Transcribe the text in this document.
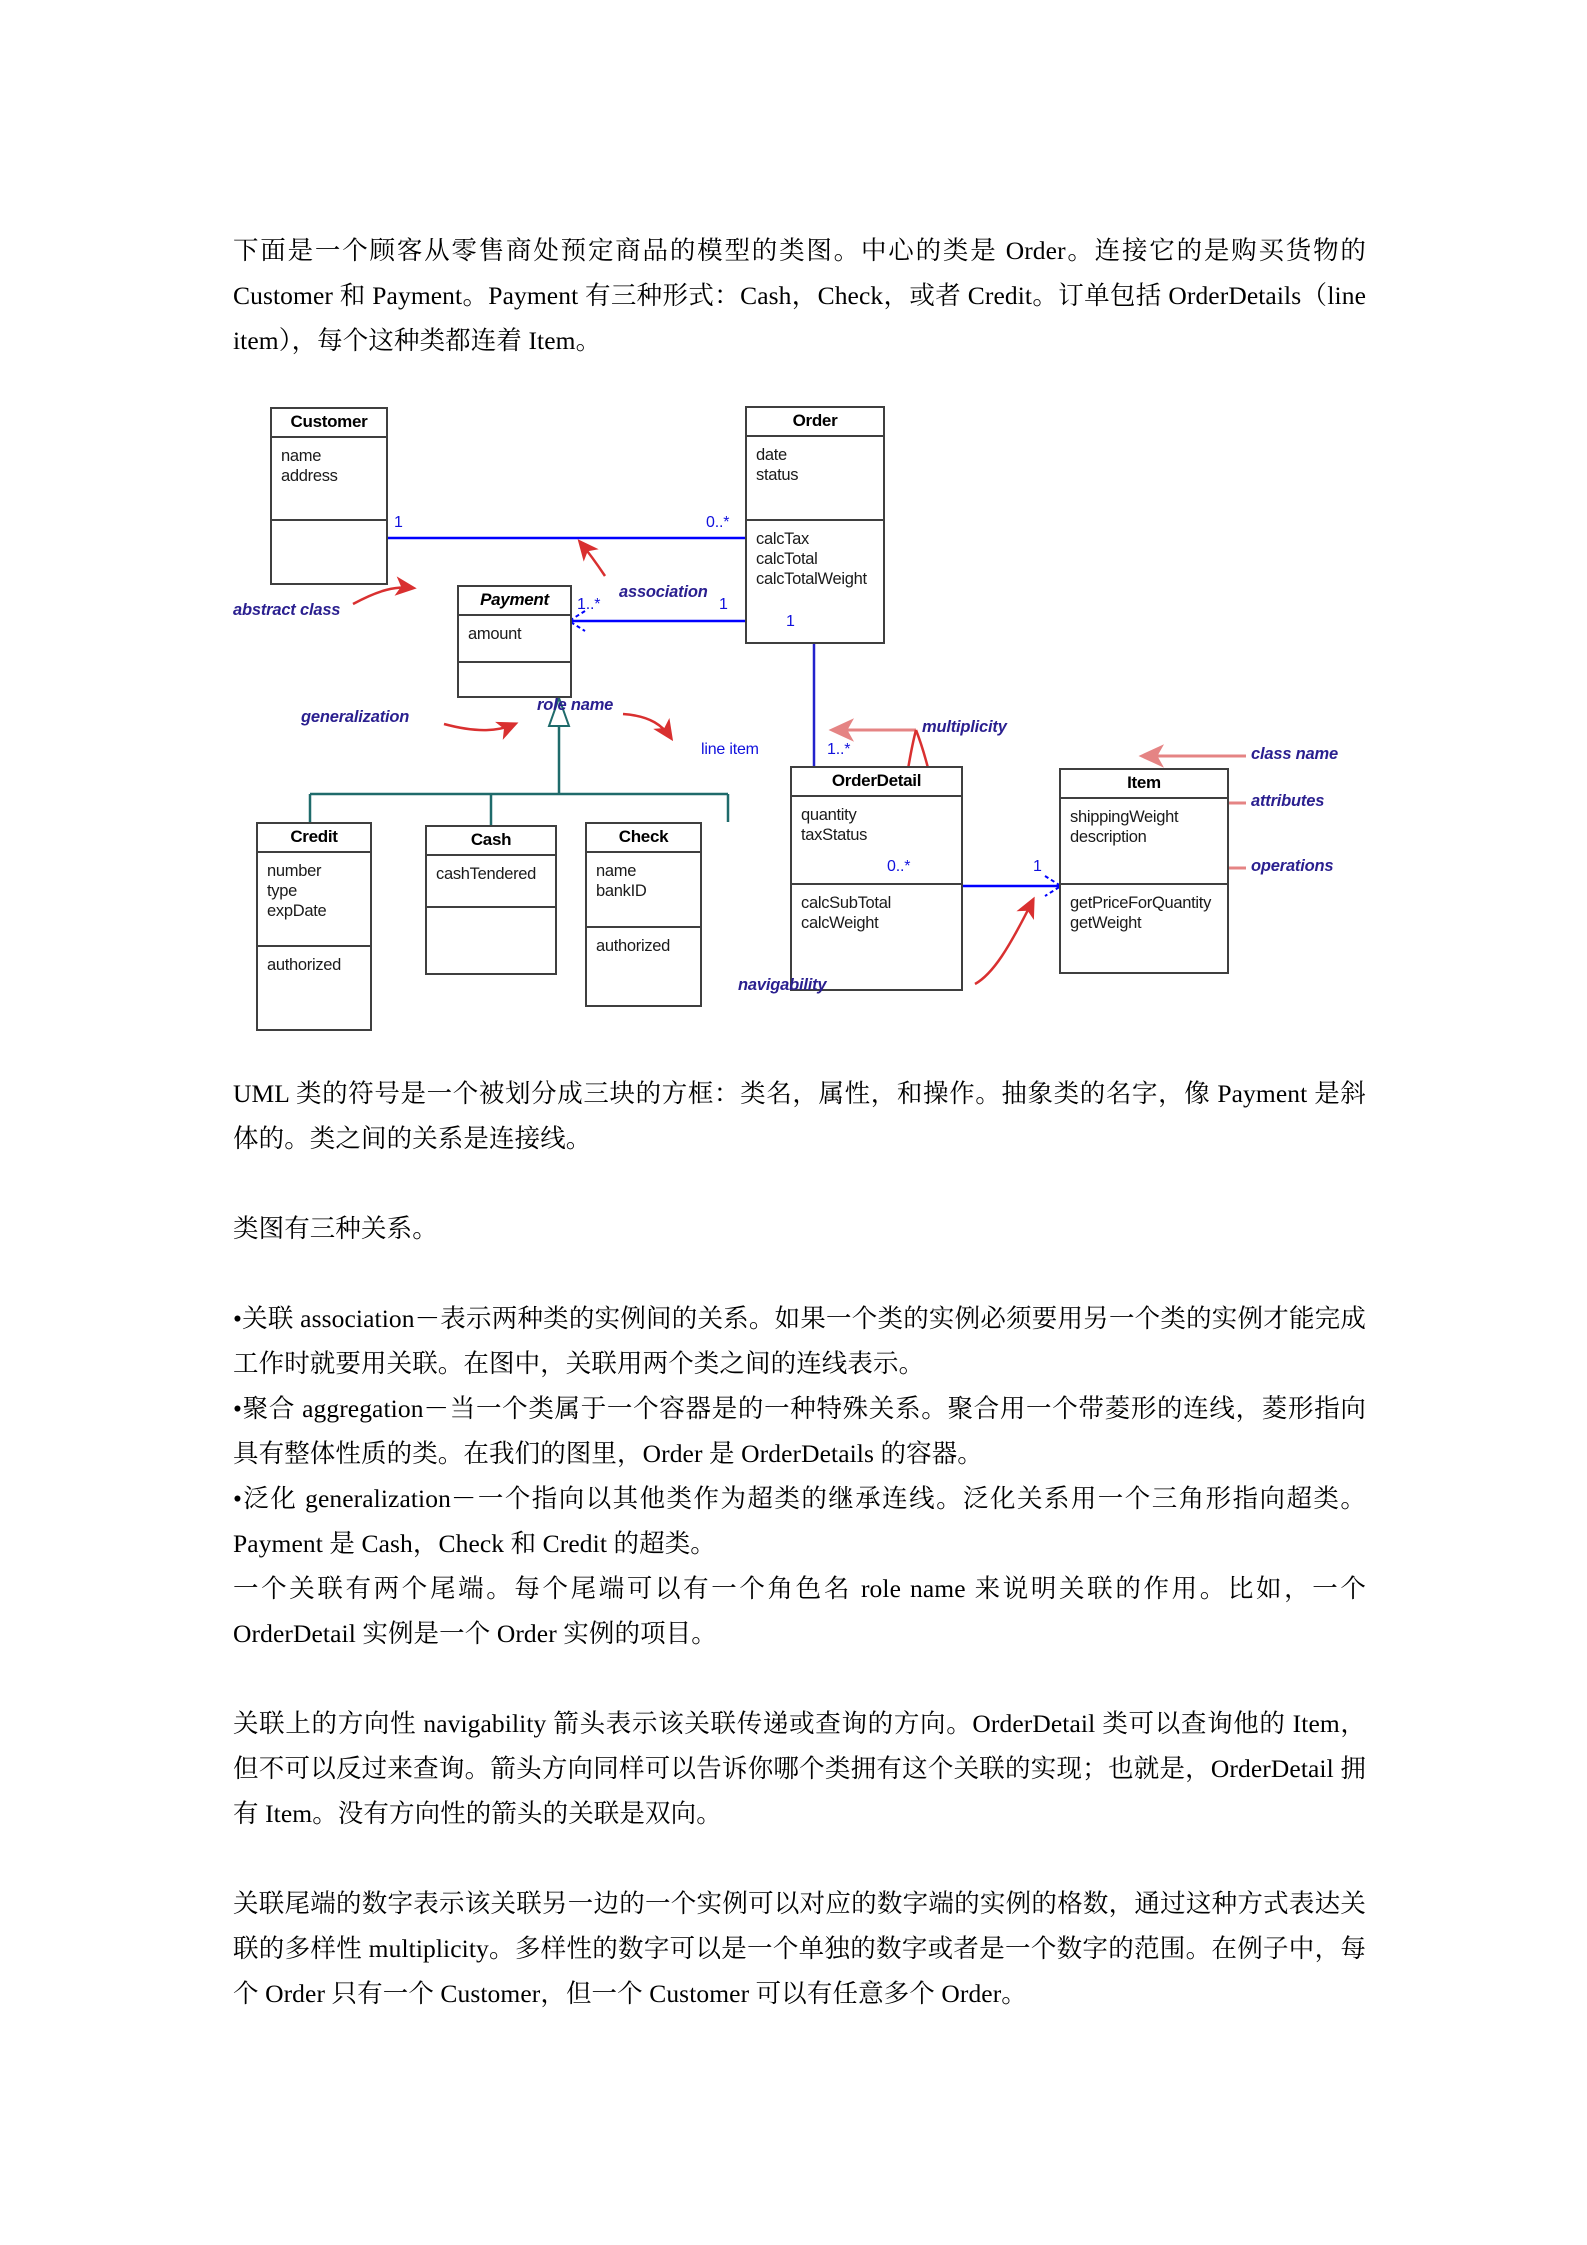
下面是一个顾客从零售商处预定商品的模型的类图。中心的类是 Order。连接它的是购买货物的 Customer 和 Payment。Payment 有三种形式：Cash，Check，或者 Credit。订单包括 OrderDetails（line item），每个这种类都连着 Item。

Customer
name
address
Order
date
status
calcTax
calcTotal
calcTotalWeight
Payment
amount
Credit
number
type
expDate
authorized
Cash
cashTendered
Check
name
bankID
authorized
OrderDetail
quantity
taxStatus
calcSubTotal
calcWeight
Item
shippingWeight
description
getPriceForQuantity
getWeight
1	0..*
1..*	1
1
line item	1..*
0..*	1
association
abstract class
generalization
role name
multiplicity
navigability
class name
attributes
operations

UML 类的符号是一个被划分成三块的方框：类名，属性，和操作。抽象类的名字，像 Payment 是斜体的。类之间的关系是连接线。

类图有三种关系。

•关联 association－表示两种类的实例间的关系。如果一个类的实例必须要用另一个类的实例才能完成工作时就要用关联。在图中，关联用两个类之间的连线表示。

•聚合 aggregation－当一个类属于一个容器是的一种特殊关系。聚合用一个带菱形的连线，菱形指向具有整体性质的类。在我们的图里，Order 是 OrderDetails 的容器。

•泛化 generalization－一个指向以其他类作为超类的继承连线。泛化关系用一个三角形指向超类。Payment 是 Cash，Check 和 Credit 的超类。

一个关联有两个尾端。每个尾端可以有一个角色名 role name 来说明关联的作用。比如，一个 OrderDetail 实例是一个 Order 实例的项目。

关联上的方向性 navigability 箭头表示该关联传递或查询的方向。OrderDetail 类可以查询他的 Item，但不可以反过来查询。箭头方向同样可以告诉你哪个类拥有这个关联的实现；也就是，OrderDetail 拥有 Item。没有方向性的箭头的关联是双向。

关联尾端的数字表示该关联另一边的一个实例可以对应的数字端的实例的格数，通过这种方式表达关联的多样性 multiplicity。多样性的数字可以是一个单独的数字或者是一个数字的范围。在例子中，每个 Order 只有一个 Customer，但一个 Customer 可以有任意多个 Order。
